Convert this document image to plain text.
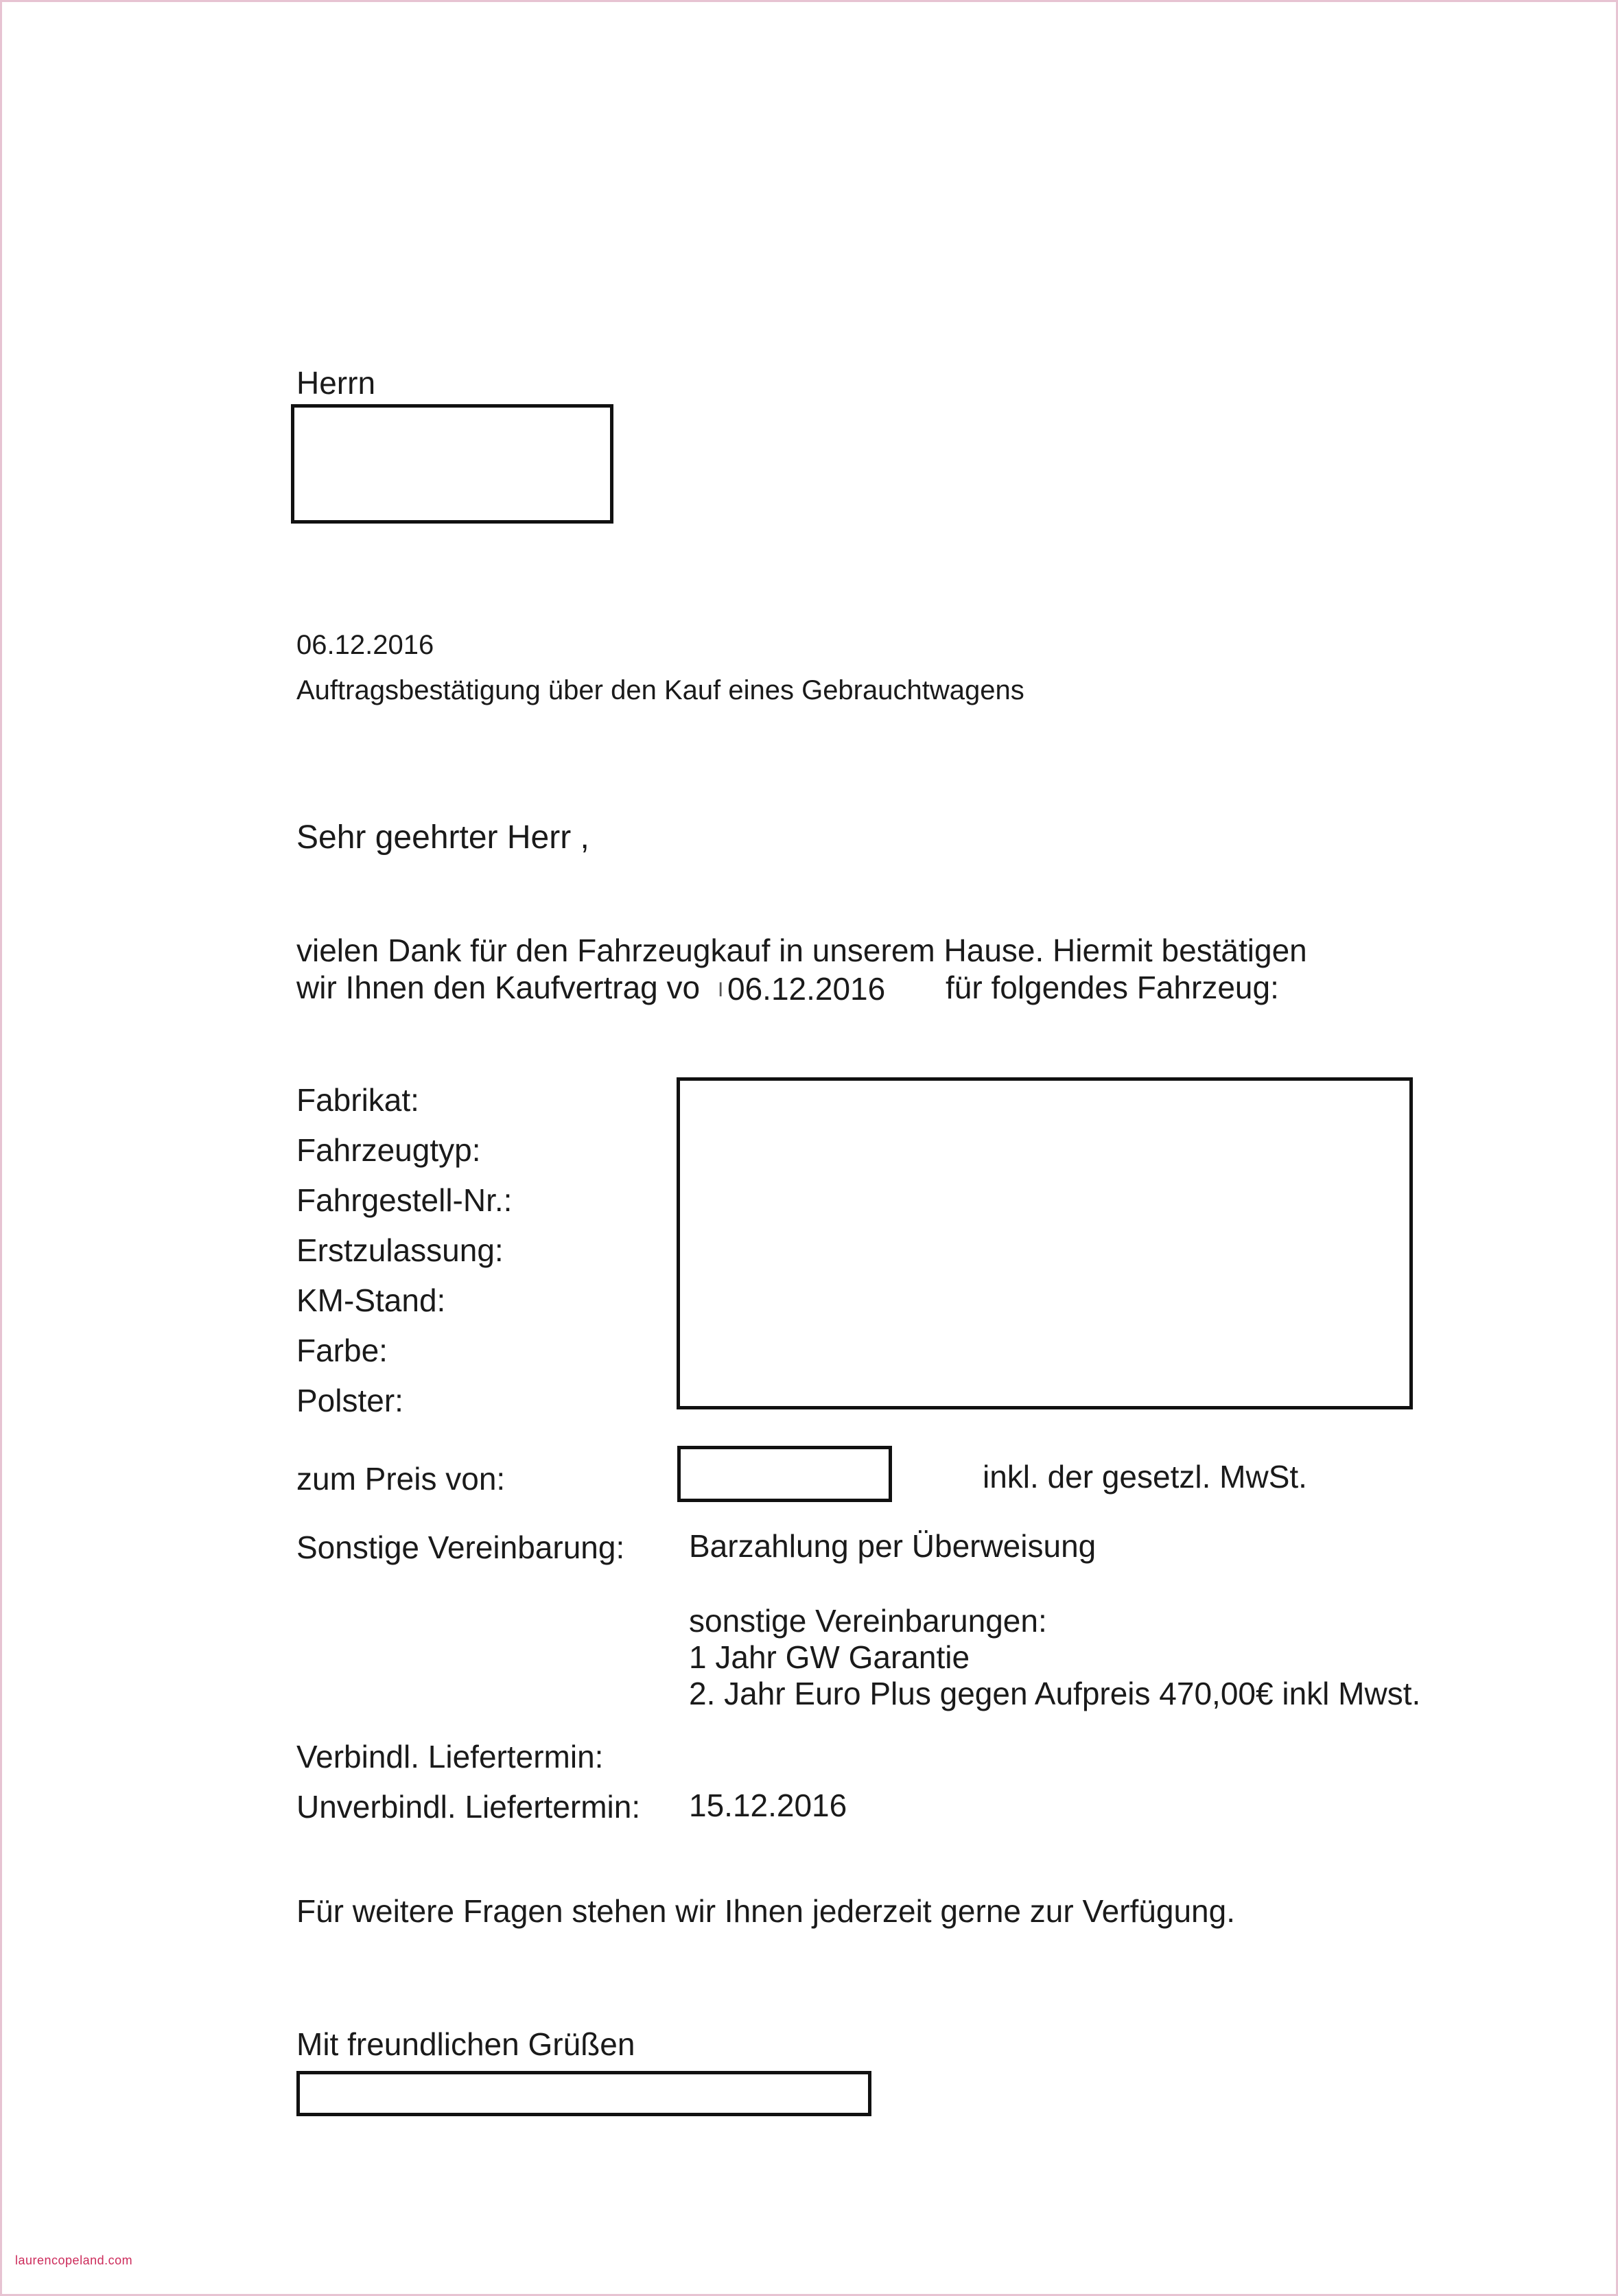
Herrn
06.12.2016
Auftragsbestätigung über den Kauf eines Gebrauchtwagens
Sehr geehrter Herr ,
vielen Dank für den Fahrzeugkauf in unserem Hause. Hiermit bestätigen
wir Ihnen den Kaufvertrag vo I 06.12.2016 für folgendes Fahrzeug:
Fabrikat:
Fahrzeugtyp:
Fahrgestell-Nr.:
Erstzulassung:
KM-Stand:
Farbe:
Polster:
zum Preis von:	inkl. der gesetzl. MwSt.
Sonstige Vereinbarung: Barzahlung per Überweisung
sonstige Vereinbarungen:
1 Jahr GW Garantie
2. Jahr Euro Plus gegen Aufpreis 470,00€ inkl Mwst.
Verbindl. Liefertermin:
Unverbindl. Liefertermin: 15.12.2016
Für weitere Fragen stehen wir Ihnen jederzeit gerne zur Verfügung.
Mit freundlichen Grüßen
laurencopeland.com
